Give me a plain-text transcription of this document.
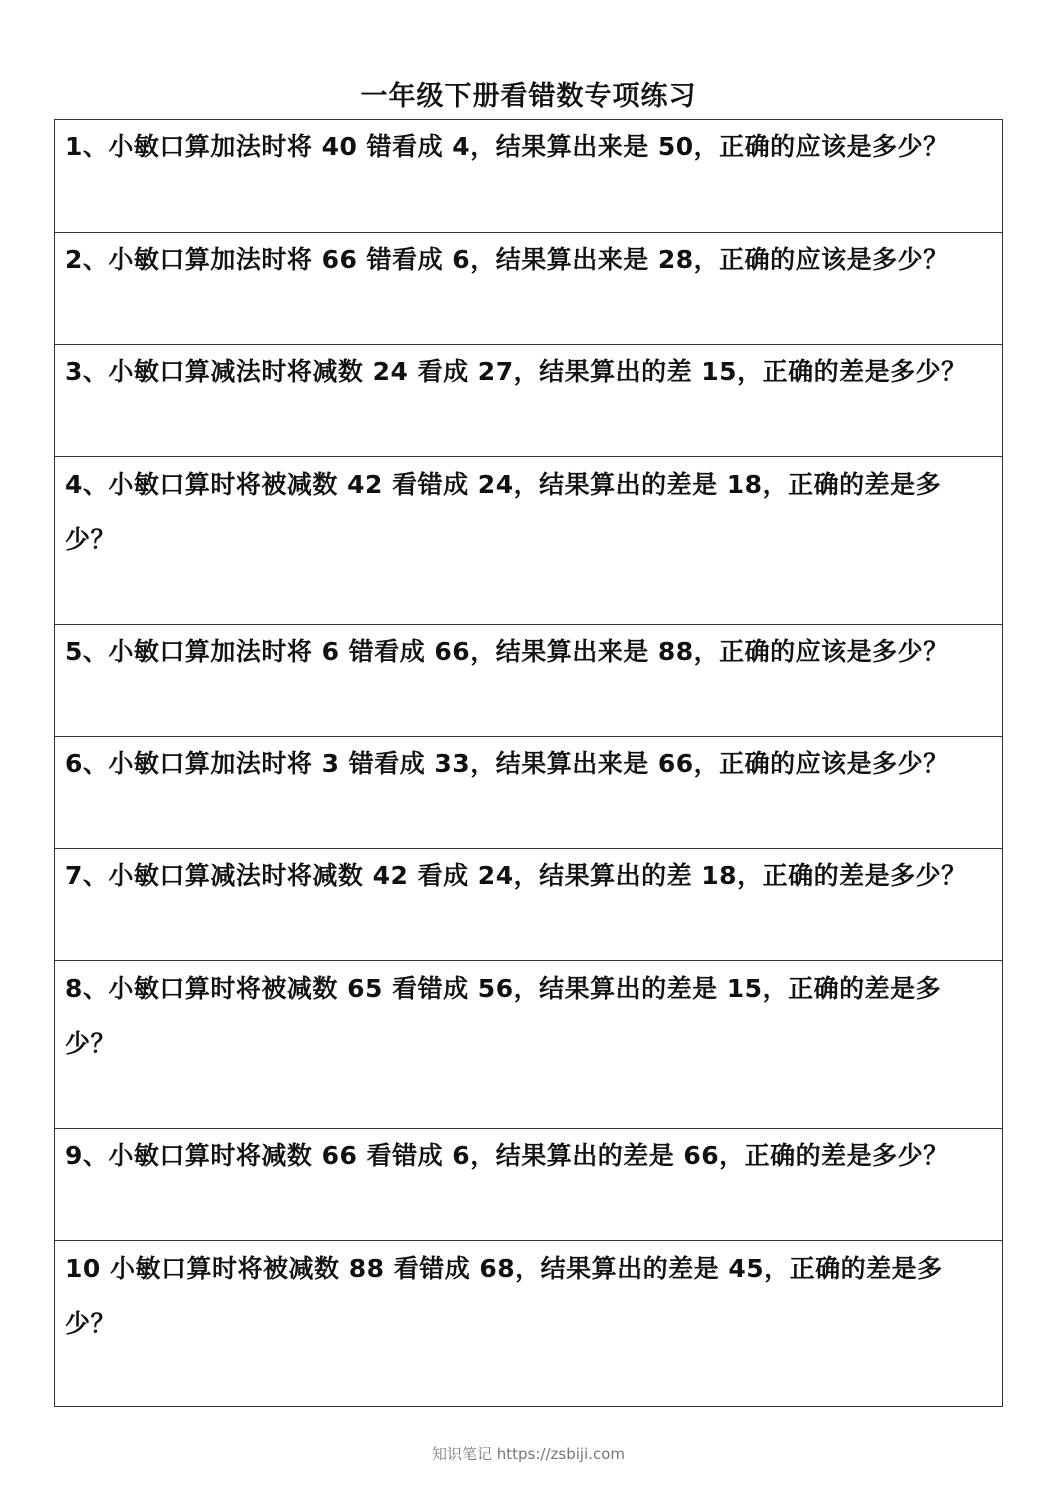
一年级下册看错数专项练习
1、小敏口算加法时将 40 错看成 4，结果算出来是 50，正确的应该是多少？
2、小敏口算加法时将 66 错看成 6，结果算出来是 28，正确的应该是多少？
3、小敏口算减法时将减数 24 看成 27，结果算出的差 15，正确的差是多少？
4、小敏口算时将被减数 42 看错成 24，结果算出的差是 18，正确的差是多少？
5、小敏口算加法时将 6 错看成 66，结果算出来是 88，正确的应该是多少？
6、小敏口算加法时将 3 错看成 33，结果算出来是 66，正确的应该是多少？
7、小敏口算减法时将减数 42 看成 24，结果算出的差 18，正确的差是多少？
8、小敏口算时将被减数 65 看错成 56，结果算出的差是 15，正确的差是多少？
9、小敏口算时将减数 66 看错成 6，结果算出的差是 66，正确的差是多少？
10 小敏口算时将被减数 88 看错成 68，结果算出的差是 45，正确的差是多少？
知识笔记 https://zsbiji.com
